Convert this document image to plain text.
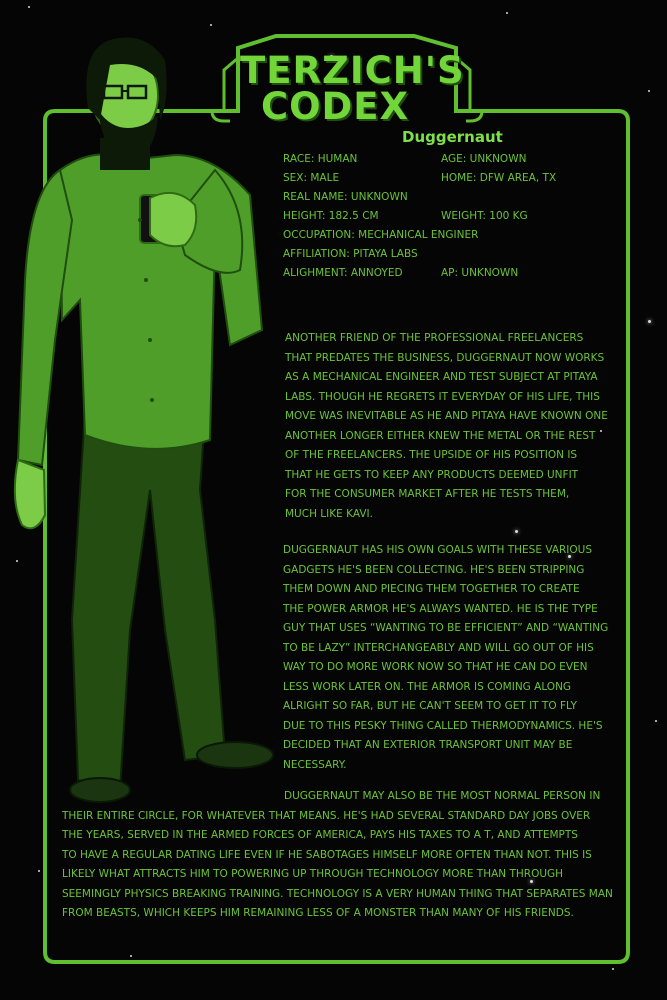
TERZICH'S
CODEX
Duggernaut
RACE: HUMAN	AGE: UNKNOWN
SEX: MALE	HOME: DFW AREA, TX
REAL NAME: UNKNOWN
HEIGHT: 182.5 CM	WEIGHT: 100 KG
OCCUPATION: MECHANICAL ENGINER
AFFILIATION: PITAYA LABS
ALIGHMENT: ANNOYED	AP: UNKNOWN
ANOTHER FRIEND OF THE PROFESSIONAL FREELANCERS
THAT PREDATES THE BUSINESS, DUGGERNAUT NOW WORKS
AS A MECHANICAL ENGINEER AND TEST SUBJECT AT PITAYA
LABS. THOUGH HE REGRETS IT EVERYDAY OF HIS LIFE, THIS
MOVE WAS INEVITABLE AS HE AND PITAYA HAVE KNOWN ONE
ANOTHER LONGER EITHER KNEW THE METAL OR THE REST
OF THE FREELANCERS. THE UPSIDE OF HIS POSITION IS
THAT HE GETS TO KEEP ANY PRODUCTS DEEMED UNFIT
FOR THE CONSUMER MARKET AFTER HE TESTS THEM,
MUCH LIKE KAVI.
DUGGERNAUT HAS HIS OWN GOALS WITH THESE VARIOUS
GADGETS HE'S BEEN COLLECTING. HE'S BEEN STRIPPING
THEM DOWN AND PIECING THEM TOGETHER TO CREATE
THE POWER ARMOR HE'S ALWAYS WANTED. HE IS THE TYPE
GUY THAT USES “WANTING TO BE EFFICIENT” AND “WANTING
TO BE LAZY” INTERCHANGEABLY AND WILL GO OUT OF HIS
WAY TO DO MORE WORK NOW SO THAT HE CAN DO EVEN
LESS WORK LATER ON. THE ARMOR IS COMING ALONG
ALRIGHT SO FAR, BUT HE CAN'T SEEM TO GET IT TO FLY
DUE TO THIS PESKY THING CALLED THERMODYNAMICS. HE'S
DECIDED THAT AN EXTERIOR TRANSPORT UNIT MAY BE
NECESSARY.
DUGGERNAUT MAY ALSO BE THE MOST NORMAL PERSON IN
THEIR ENTIRE CIRCLE, FOR WHATEVER THAT MEANS. HE'S HAD SEVERAL STANDARD DAY JOBS OVER
THE YEARS, SERVED IN THE ARMED FORCES OF AMERICA, PAYS HIS TAXES TO A T, AND ATTEMPTS
TO HAVE A REGULAR DATING LIFE EVEN IF HE SABOTAGES HIMSELF MORE OFTEN THAN NOT. THIS IS
LIKELY WHAT ATTRACTS HIM TO POWERING UP THROUGH TECHNOLOGY MORE THAN THROUGH
SEEMINGLY PHYSICS BREAKING TRAINING. TECHNOLOGY IS A VERY HUMAN THING THAT SEPARATES MAN
FROM BEASTS, WHICH KEEPS HIM REMAINING LESS OF A MONSTER THAN MANY OF HIS FRIENDS.
